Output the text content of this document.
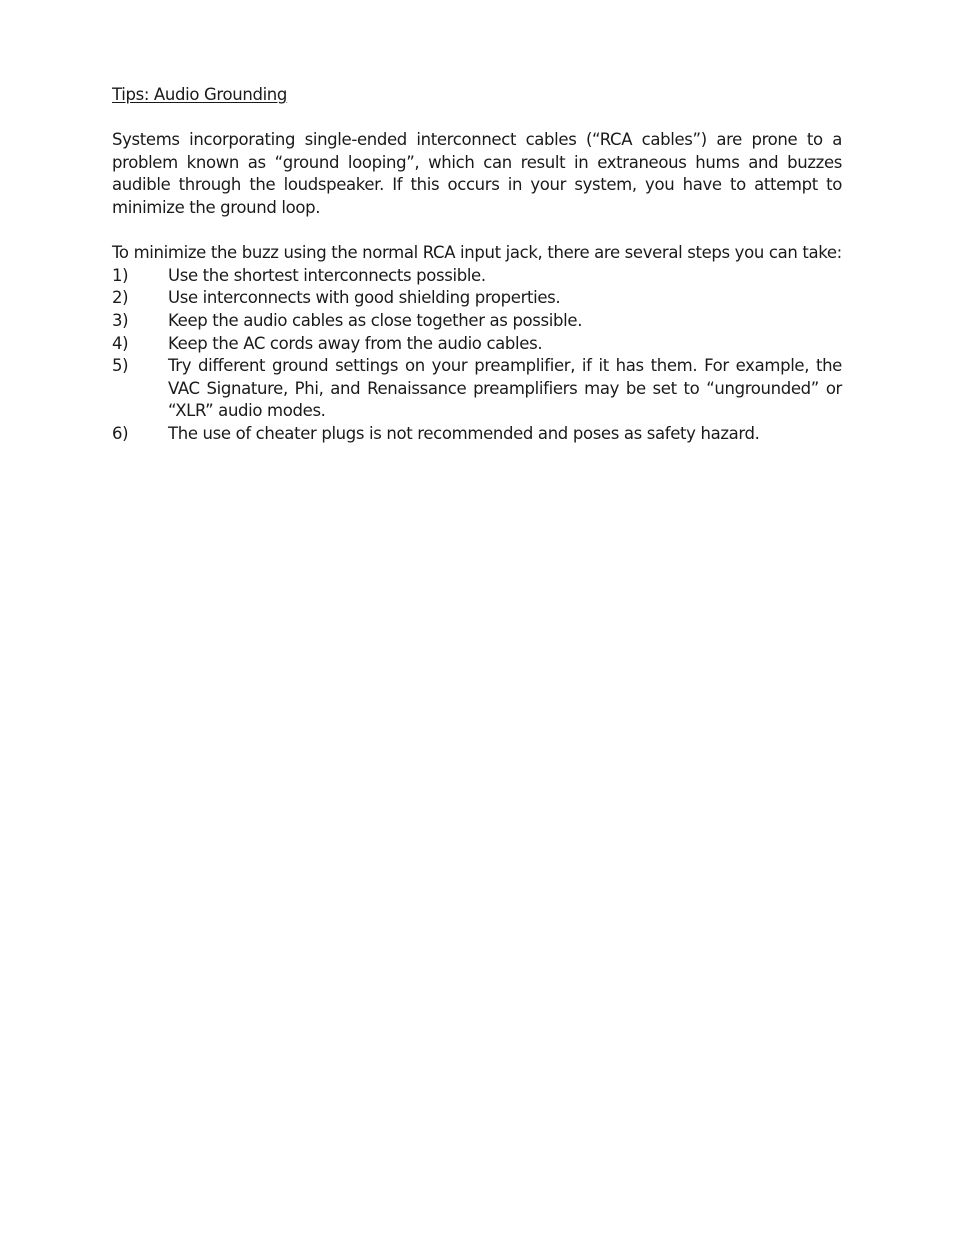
Tips: Audio Grounding

Systems incorporating single-ended interconnect cables (“RCA cables”) are prone to a problem known as “ground looping”, which can result in extraneous hums and buzzes audible through the loudspeaker. If this occurs in your system, you have to attempt to minimize the ground loop.

To minimize the buzz using the normal RCA input jack, there are several steps you can take:

1)	Use the shortest interconnects possible.
2)	Use interconnects with good shielding properties.
3)	Keep the audio cables as close together as possible.
4)	Keep the AC cords away from the audio cables.
5)	Try different ground settings on your preamplifier, if it has them. For example, the VAC Signature, Phi, and Renaissance preamplifiers may be set to “ungrounded” or “XLR” audio modes.
6)	The use of cheater plugs is not recommended and poses as safety hazard.
